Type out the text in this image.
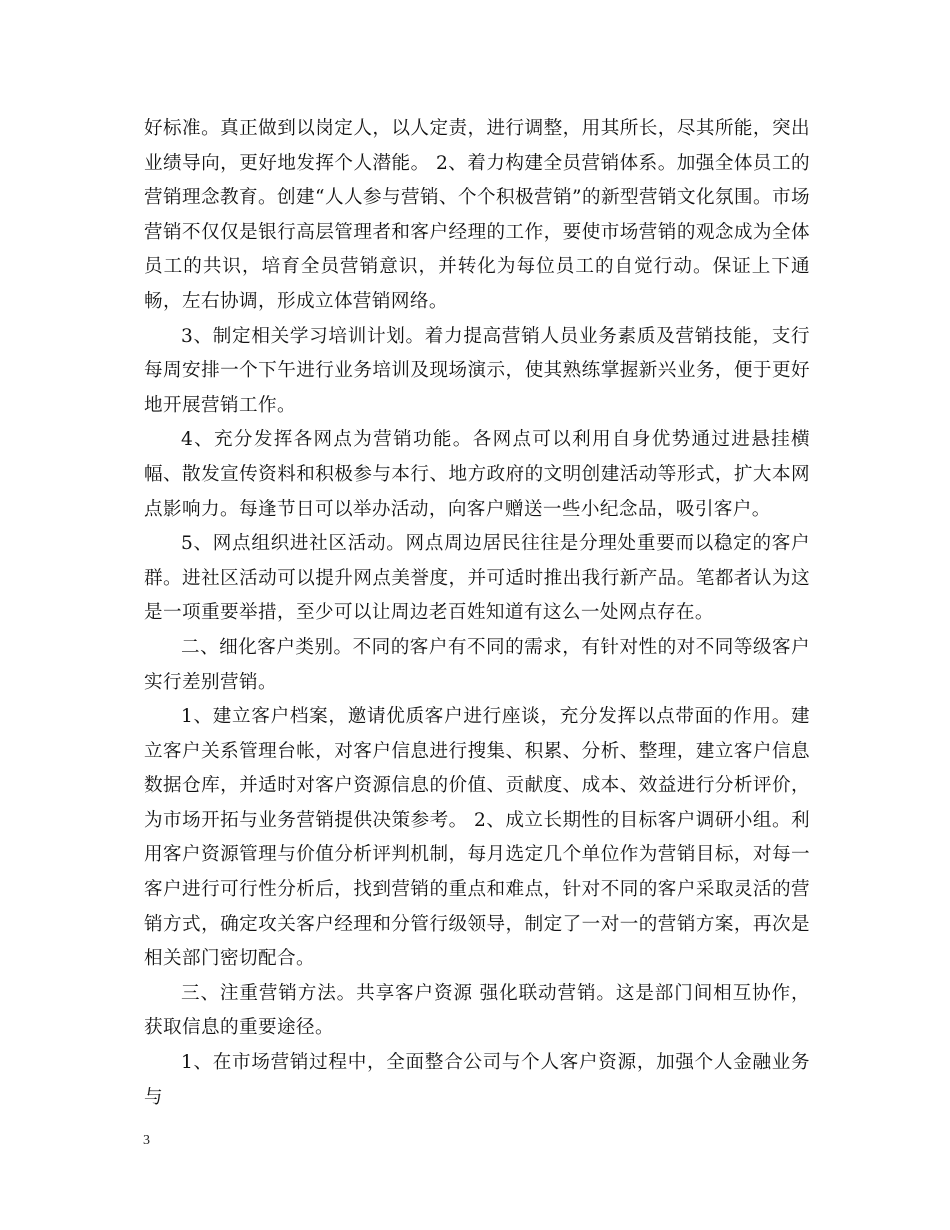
好标准。真正做到以岗定人，以人定责，进行调整，用其所长，尽其所能，突出业绩导向，更好地发挥个人潜能。 2、着力构建全员营销体系。加强全体员工的营销理念教育。创建“人人参与营销、个个积极营销”的新型营销文化氛围。市场营销不仅仅是银行高层管理者和客户经理的工作，要使市场营销的观念成为全体员工的共识，培育全员营销意识，并转化为每位员工的自觉行动。保证上下通畅，左右协调，形成立体营销网络。

3、制定相关学习培训计划。着力提高营销人员业务素质及营销技能，支行每周安排一个下午进行业务培训及现场演示，使其熟练掌握新兴业务，便于更好地开展营销工作。

4、充分发挥各网点为营销功能。各网点可以利用自身优势通过进悬挂横幅、散发宣传资料和积极参与本行、地方政府的文明创建活动等形式，扩大本网点影响力。每逢节日可以举办活动，向客户赠送一些小纪念品，吸引客户。

5、网点组织进社区活动。网点周边居民往往是分理处重要而以稳定的客户群。进社区活动可以提升网点美誉度，并可适时推出我行新产品。笔都者认为这是一项重要举措，至少可以让周边老百姓知道有这么一处网点存在。

二、细化客户类别。不同的客户有不同的需求，有针对性的对不同等级客户实行差别营销。

1、建立客户档案，邀请优质客户进行座谈，充分发挥以点带面的作用。建立客户关系管理台帐，对客户信息进行搜集、积累、分析、整理，建立客户信息数据仓库，并适时对客户资源信息的价值、贡献度、成本、效益进行分析评价，为市场开拓与业务营销提供决策参考。 2、成立长期性的目标客户调研小组。利用客户资源管理与价值分析评判机制，每月选定几个单位作为营销目标，对每一客户进行可行性分析后，找到营销的重点和难点，针对不同的客户采取灵活的营销方式，确定攻关客户经理和分管行级领导，制定了一对一的营销方案，再次是相关部门密切配合。

三、注重营销方法。共享客户资源 强化联动营销。这是部门间相互协作，获取信息的重要途径。

1、在市场营销过程中，全面整合公司与个人客户资源，加强个人金融业务与

3
